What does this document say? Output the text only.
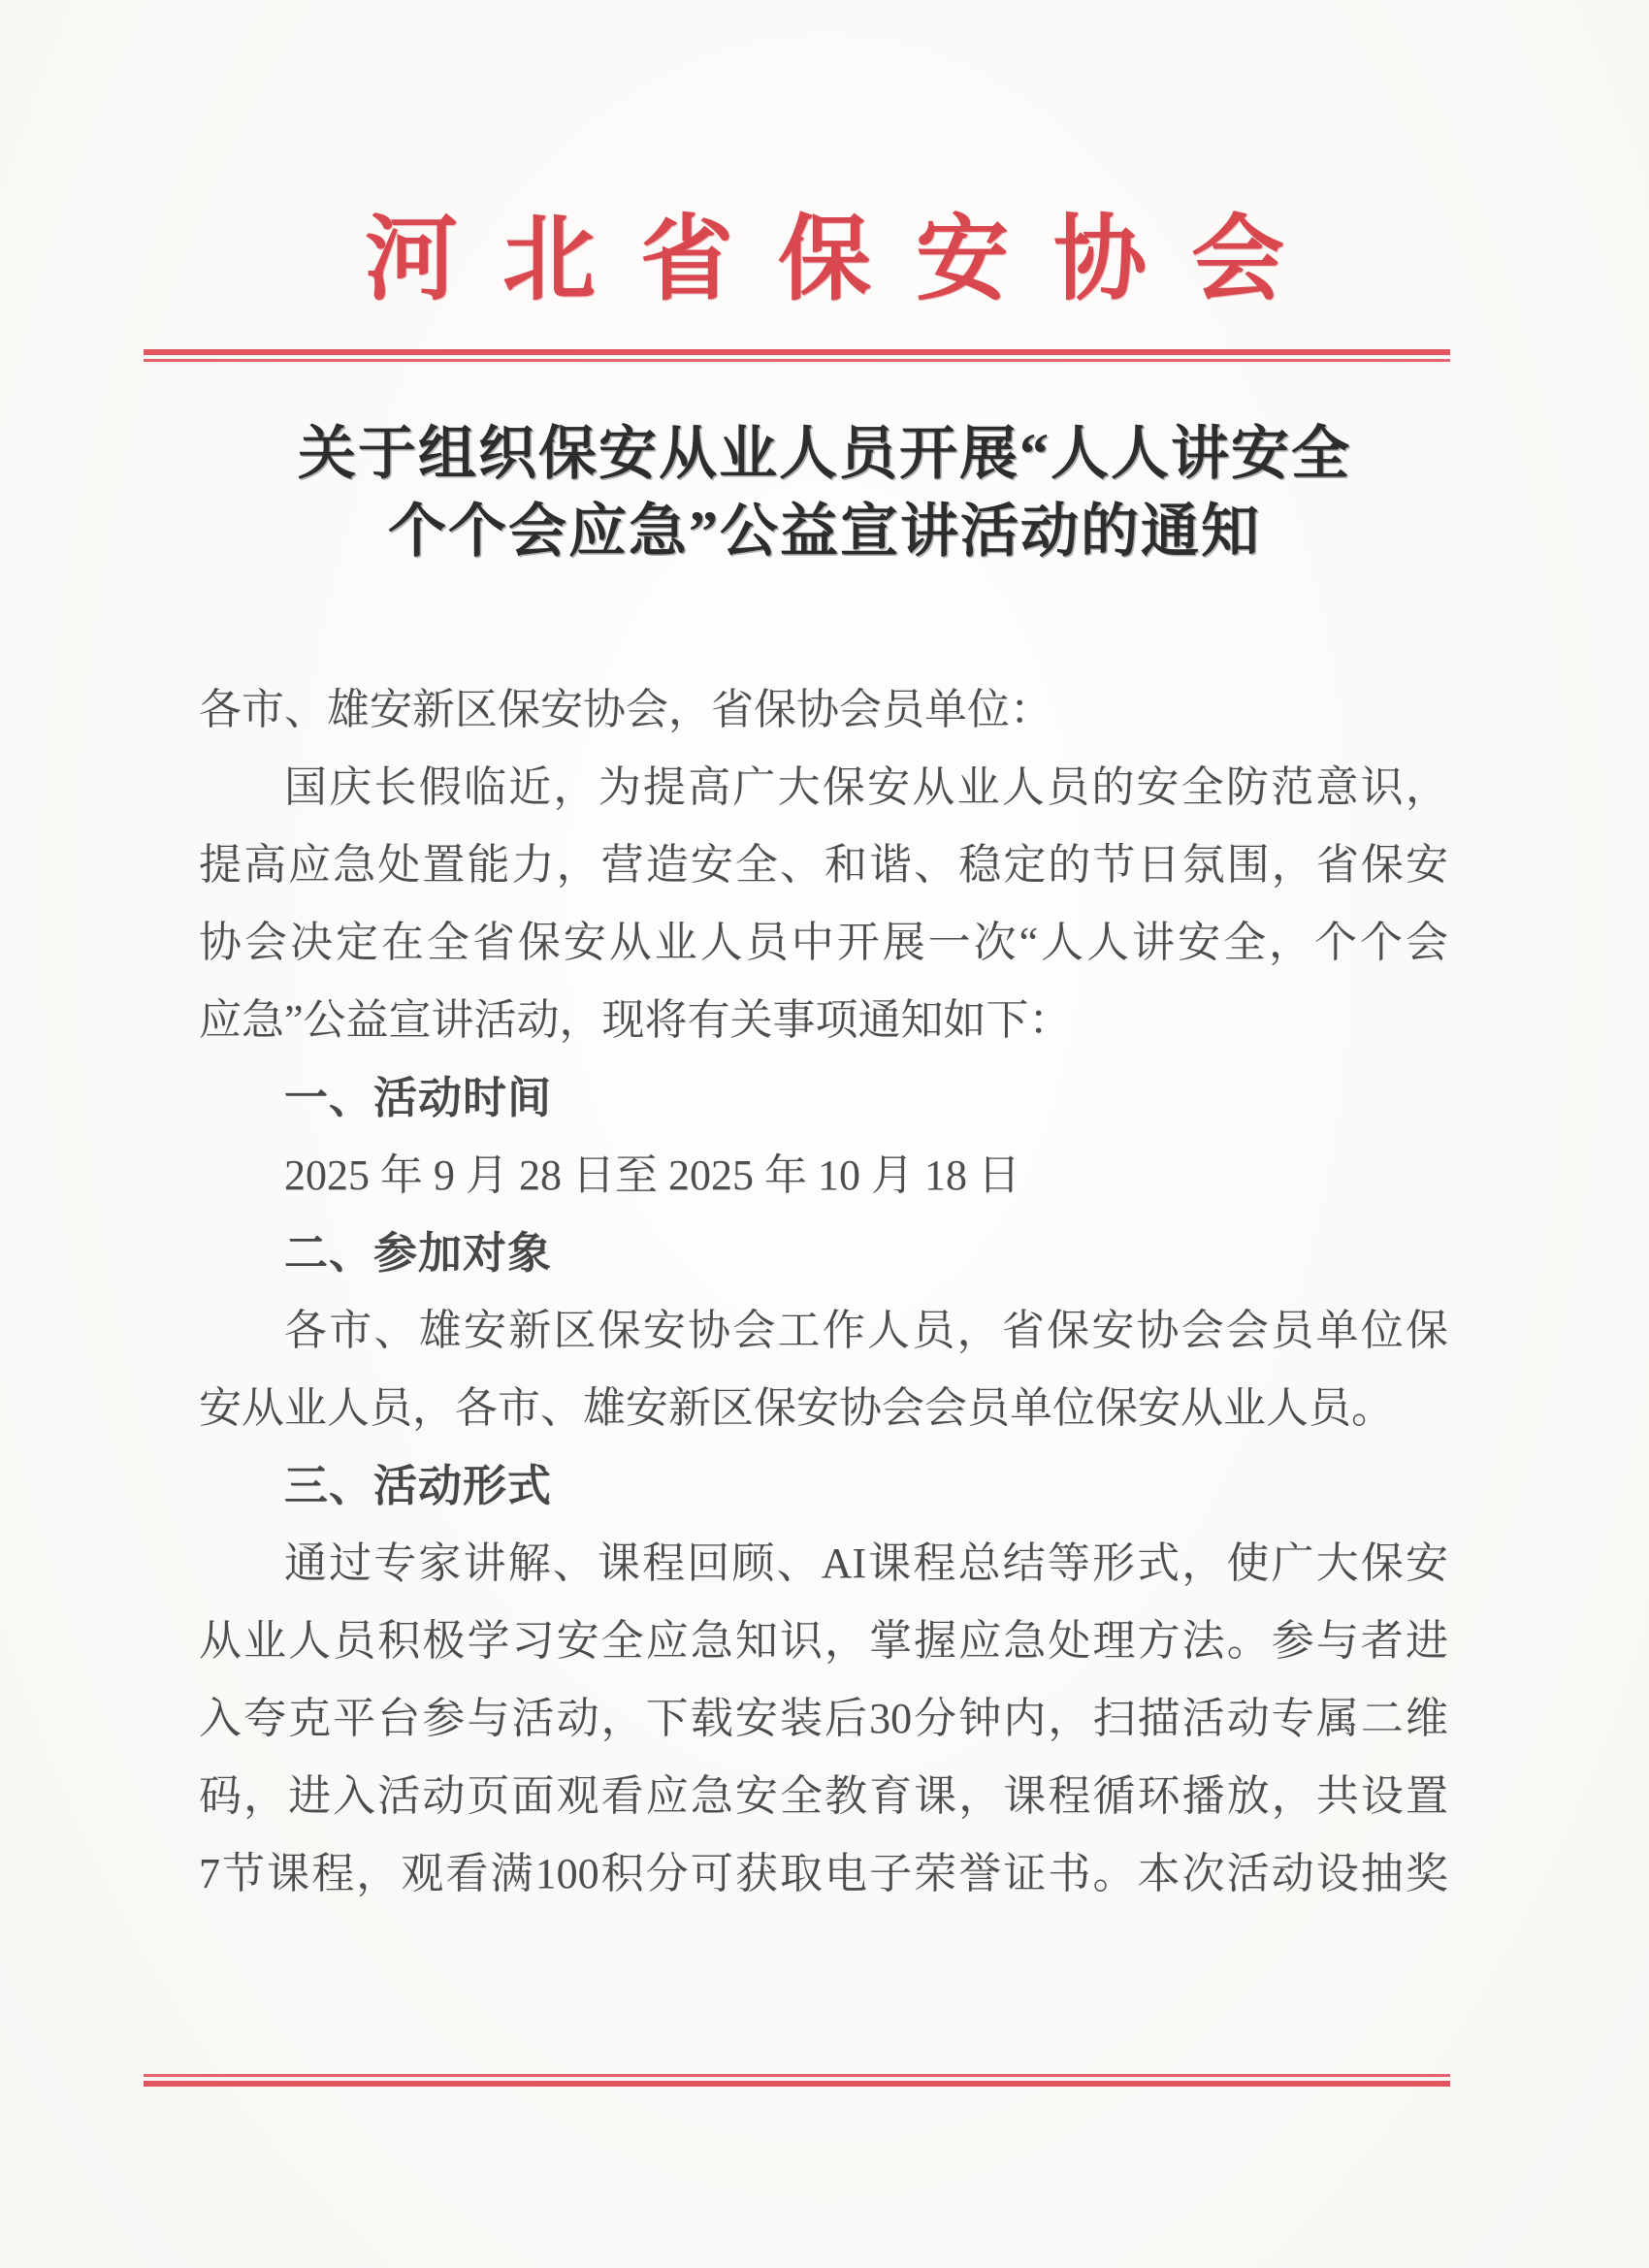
河北省保安协会
关于组织保安从业人员开展“人人讲安全
个个会应急”公益宣讲活动的通知
各市、雄安新区保安协会，省保协会员单位：
国庆长假临近，为提高广大保安从业人员的安全防范意识，
提高应急处置能力，营造安全、和谐、稳定的节日氛围，省保安
协会决定在全省保安从业人员中开展一次“人人讲安全，个个会
应急”公益宣讲活动，现将有关事项通知如下：
一、活动时间
2025 年 9 月 28 日至 2025 年 10 月 18 日
二、参加对象
各市、雄安新区保安协会工作人员，省保安协会会员单位保
安从业人员，各市、雄安新区保安协会会员单位保安从业人员。
三、活动形式
通过专家讲解、课程回顾、AI课程总结等形式，使广大保安
从业人员积极学习安全应急知识，掌握应急处理方法。参与者进
入夸克平台参与活动，下载安装后30分钟内，扫描活动专属二维
码，进入活动页面观看应急安全教育课，课程循环播放，共设置
7节课程，观看满100积分可获取电子荣誉证书。本次活动设抽奖
